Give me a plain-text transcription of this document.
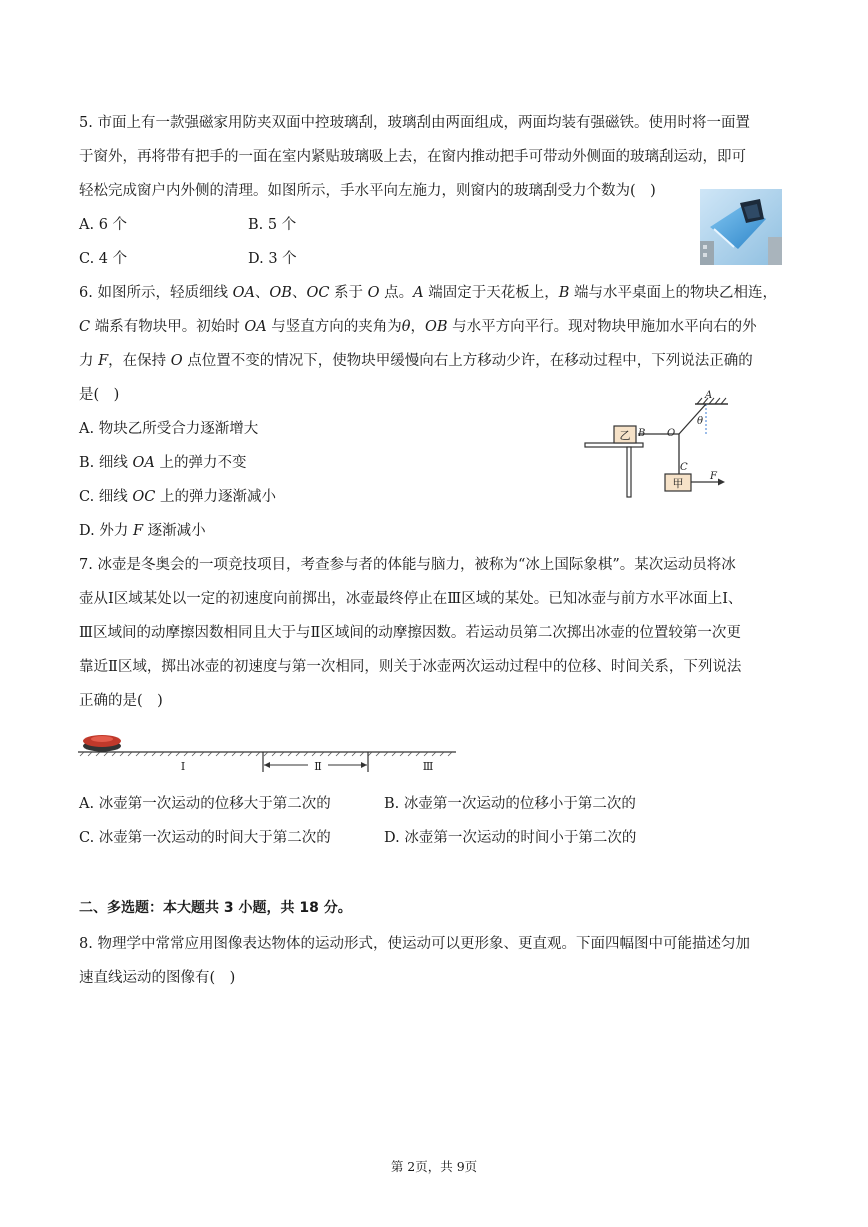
5. 市面上有一款强磁家用防夹双面中控玻璃刮，玻璃刮由两面组成，两面均装有强磁铁。使用时将一面置
于窗外，再将带有把手的一面在室内紧贴玻璃吸上去，在窗内推动把手可带动外侧面的玻璃刮运动，即可
轻松完成窗户内外侧的清理。如图所示，手水平向左施力，则窗内的玻璃刮受力个数为(　)
A. 6 个	B. 5 个
C. 4 个	D. 3 个
6. 如图所示，轻质细线 OA、OB、OC 系于 O 点。A 端固定于天花板上，B 端与水平桌面上的物块乙相连，
C 端系有物块甲。初始时 OA 与竖直方向的夹角为θ，OB 与水平方向平行。现对物块甲施加水平向右的外
力 F，在保持 O 点位置不变的情况下，使物块甲缓慢向右上方移动少许，在移动过程中，下列说法正确的
是(　)
A. 物块乙所受合力逐渐增大
B. 细线 OA 上的弹力不变
C. 细线 OC 上的弹力逐渐减小
D. 外力 F 逐渐减小
乙
甲
A
B O
θ
C
F
7. 冰壶是冬奥会的一项竞技项目，考查参与者的体能与脑力，被称为“冰上国际象棋”。某次运动员将冰
壶从Ⅰ区域某处以一定的初速度向前掷出，冰壶最终停止在Ⅲ区域的某处。已知冰壶与前方水平冰面上Ⅰ、
Ⅲ区域间的动摩擦因数相同且大于与Ⅱ区域间的动摩擦因数。若运动员第二次掷出冰壶的位置较第一次更
靠近Ⅱ区域，掷出冰壶的初速度与第一次相同，则关于冰壶两次运动过程中的位移、时间关系，下列说法
正确的是(　)
Ⅰ	Ⅱ	Ⅲ
A. 冰壶第一次运动的位移大于第二次的	B. 冰壶第一次运动的位移小于第二次的
C. 冰壶第一次运动的时间大于第二次的	D. 冰壶第一次运动的时间小于第二次的
二、多选题：本大题共 3 小题，共 18 分。
8. 物理学中常常应用图像表达物体的运动形式，使运动可以更形象、更直观。下面四幅图中可能描述匀加
速直线运动的图像有(　)
第 2页，共 9页
